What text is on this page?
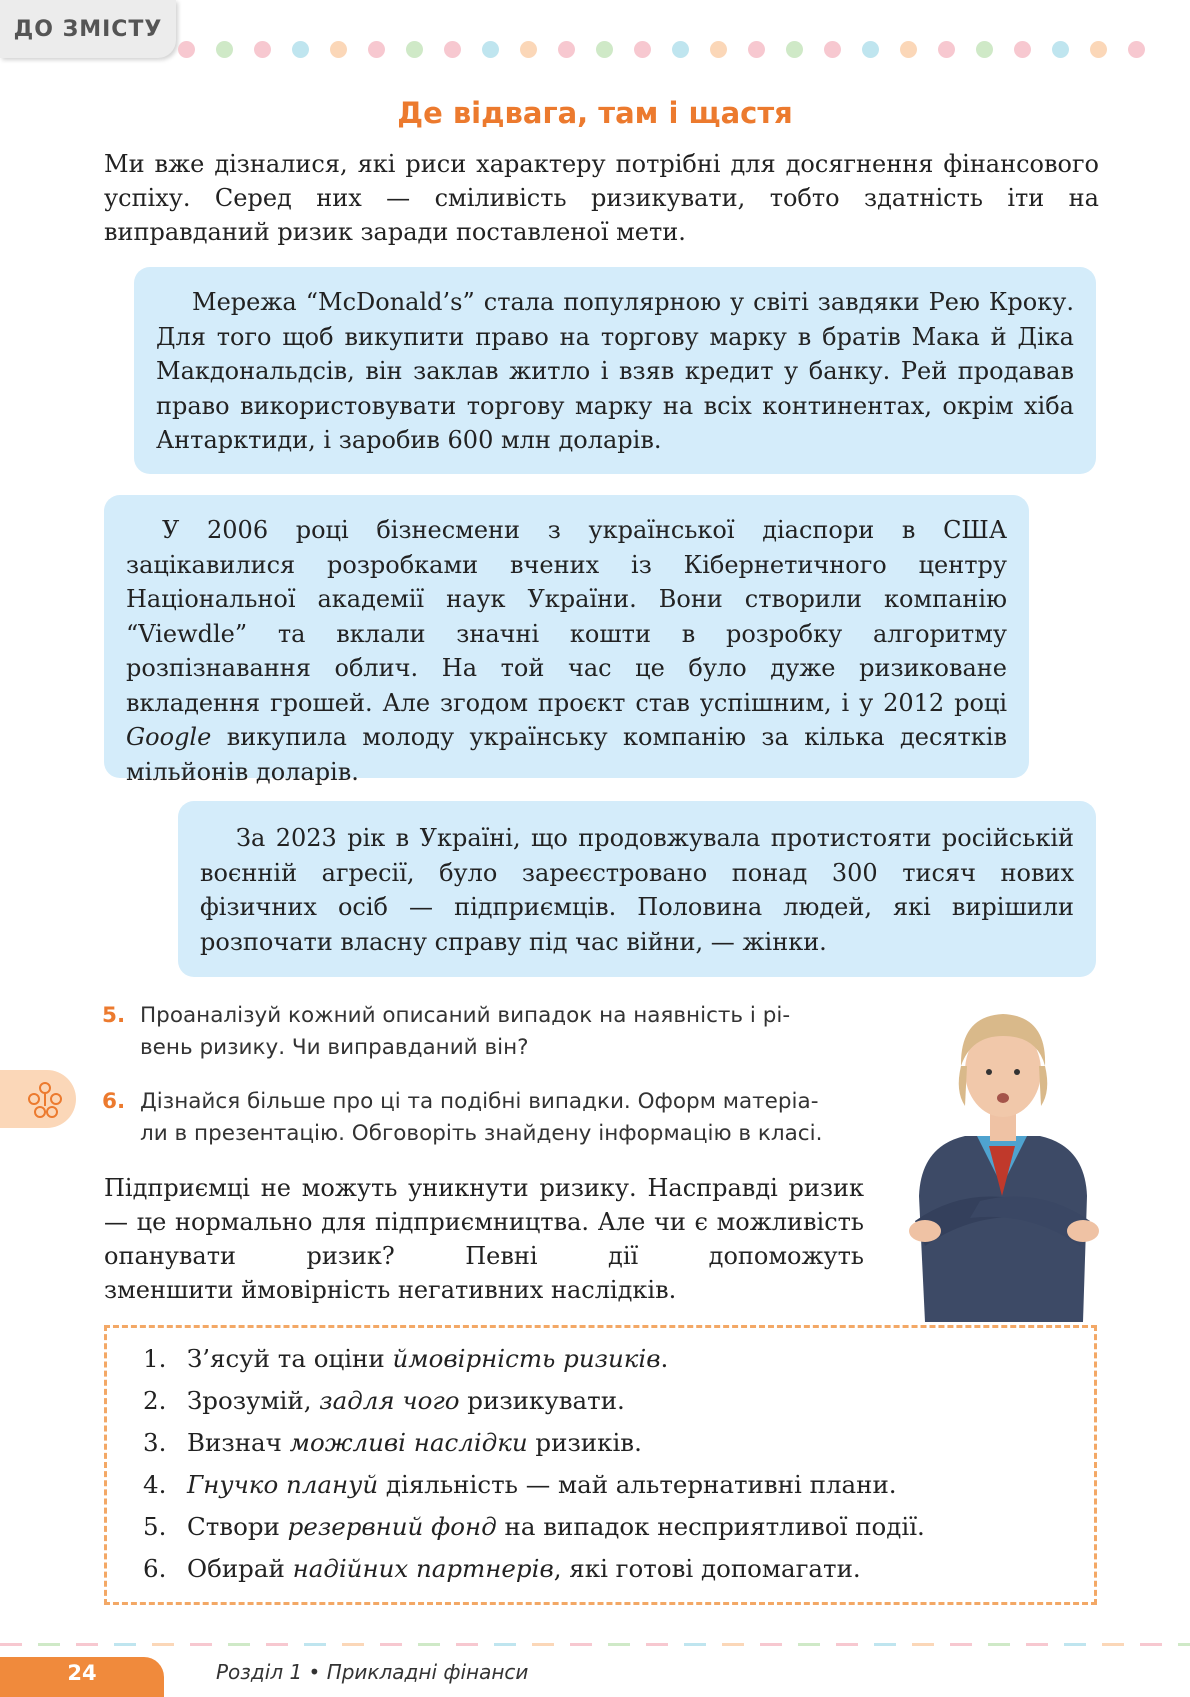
ДО ЗМІСТУ
Де відвага, там і щастя
Ми вже дізналися, які риси характеру потрібні для досягнення фінансового успіху. Серед них — сміливість ризикувати, тобто здатність іти на
виправданий ризик заради поставленої мети.

Мережа “McDonald’s” стала популярною у світі завдяки Рею Кроку. Для того щоб викупити право на торгову марку в братів Мака й Діка Макдональдсів, він заклав житло і взяв кредит у банку. Рей продавав право використовувати торгову марку на всіх континентах, окрім хіба Антарктиди, і заробив 600 млн доларів.

У 2006 році бізнесмени з української діаспори в США зацікавилися розробками вчених із Кібернетичного центру Національної академії наук України. Вони створили компанію “Viewdle” та вклали значні кошти в розробку алгоритму розпізнавання облич. На той час це було дуже ризиковане вкладення грошей. Але згодом проєкт став успішним, і у 2012 році Google викупила молоду українську компанію за кілька десятків мільйонів доларів.

За 2023 рік в Україні, що продовжувала протистояти російській воєнній агресії, було зареєстровано понад 300 тисяч нових фізичних осіб — підприємців. Половина людей, які вирішили розпочати власну справу під час війни, — жінки.

5. Проаналізуй кожний описаний випадок на наявність і рі-
вень ризику. Чи виправданий він?
6. Дізнайся більше про ці та подібні випадки. Оформ матеріа-
ли в презентацію. Обговоріть знайдену інформацію в класі.
Підприємці не можуть уникнути ризику. Насправді ризик — це нормально для підприємництва. Але чи є можливість опанувати ризик? Певні дії допоможуть
зменшити ймовірність негативних наслідків.
1. З’ясуй та оціни ймовірність ризиків.
2. Зрозумій, задля чого ризикувати.
3. Визнач можливі наслідки ризиків.
4. Гнучко плануй діяльність — май альтернативні плани.
5. Створи резервний фонд на випадок несприятливої події.
6. Обирай надійних партнерів, які готові допомагати.
24	Розділ 1 • Прикладні фінанси
